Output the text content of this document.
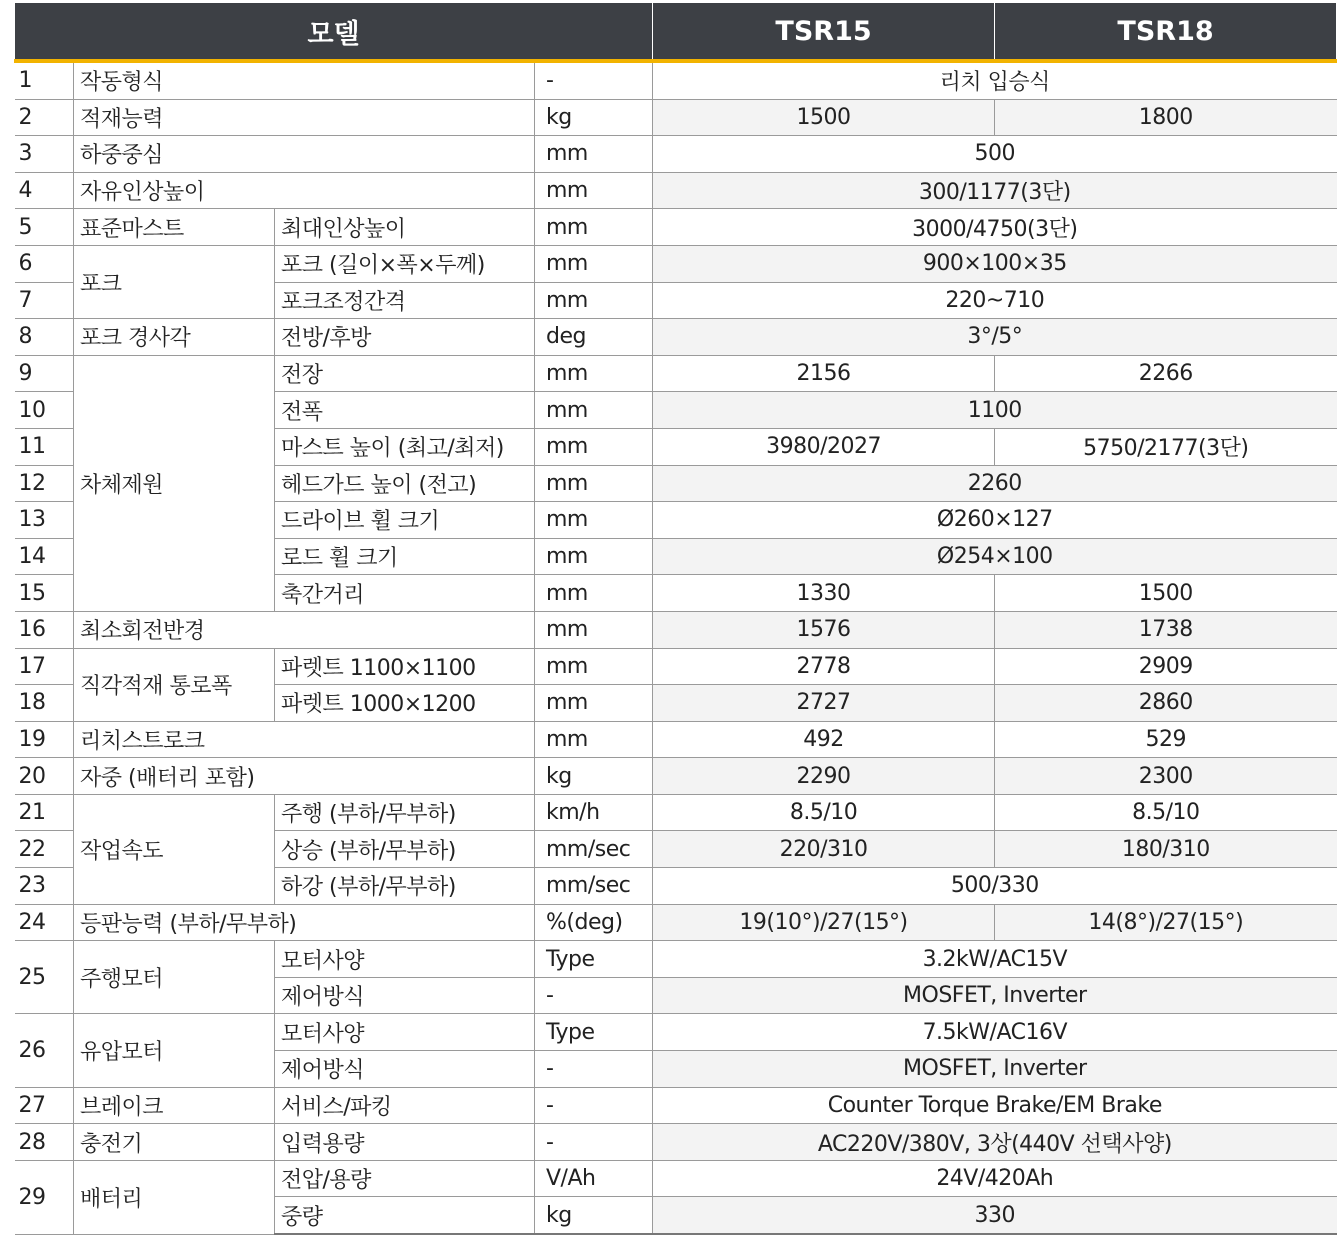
모델				TSR15	TSR18
1	작동형식		-	리치 입승식	
2	적재능력		kg	1500	1800
3	하중중심		mm	500	
4	자유인상높이		mm	300/1177(3단)	
5	표준마스트	최대인상높이	mm	3000/4750(3단)	
6	포크	포크 (길이×폭×두께)	mm	900×100×35	
7		포크조정간격	mm	220~710	
8	포크 경사각	전방/후방	deg	3°/5°	
9	차체제원	전장	mm	2156	2266
10		전폭	mm	1100	
11		마스트 높이 (최고/최저)	mm	3980/2027	5750/2177(3단)
12		헤드가드 높이 (전고)	mm	2260	
13		드라이브 휠 크기	mm	Ø260×127	
14		로드 휠 크기	mm	Ø254×100	
15		축간거리	mm	1330	1500
16	최소회전반경		mm	1576	1738
17	직각적재 통로폭	파렛트 1100×1100	mm	2778	2909
18		파렛트 1000×1200	mm	2727	2860
19	리치스트로크		mm	492	529
20	자중 (배터리 포함)		kg	2290	2300
21	작업속도	주행 (부하/무부하)	km/h	8.5/10	8.5/10
22		상승 (부하/무부하)	mm/sec	220/310	180/310
23		하강 (부하/무부하)	mm/sec	500/330	
24	등판능력 (부하/무부하)		%(deg)	19(10°)/27(15°)	14(8°)/27(15°)
25	주행모터	모터사양	Type	3.2kW/AC15V	
		제어방식	-	MOSFET, Inverter	
26	유압모터	모터사양	Type	7.5kW/AC16V	
		제어방식	-	MOSFET, Inverter	
27	브레이크	서비스/파킹	-	Counter Torque Brake/EM Brake	
28	충전기	입력용량	-	AC220V/380V, 3상(440V 선택사양)	
29	배터리	전압/용량	V/Ah	24V/420Ah	
		중량	kg	330	
